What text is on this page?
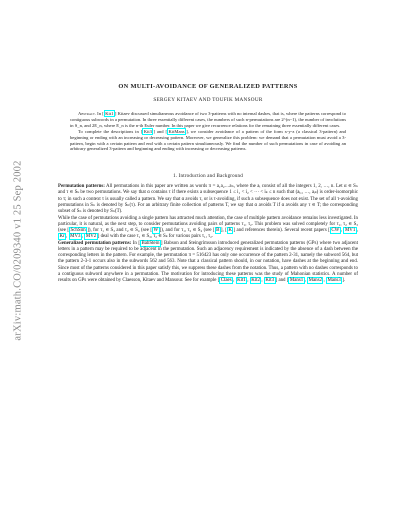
arXiv:math.CO/0209340 v1 25 Sep 2002
ON MULTI-AVOIDANCE OF GENERALIZED PATTERNS
SERGEY KITAEV AND TOUFIK MANSOUR

Abstract. In [ Kit1 ] Kitaev discussed simultaneous avoidance of two 3-patterns with no internal dashes, that is, where the patterns correspond to contiguous subwords in a permutation. In three essentially different cases, the numbers of such n-permutations are 2^(n−1), the number of involutions in S_n, and 2E_n, where E_n is the n-th Euler number. In this paper we give recurrence relations for the remaining three essentially different cases.

To complete the descriptions in [ Kit3 ] and [ KitMans ], we consider avoidance of a pattern of the form x-y-z (a classical 3-pattern) and beginning or ending with an increasing or decreasing pattern. Moreover, we generalize this problem: we demand that a permutation must avoid a 3-pattern, begin with a certain pattern and end with a certain pattern simultaneously. We find the number of such permutations in case of avoiding an arbitrary generalized 3-pattern and beginning and ending with increasing or decreasing patterns.

1. Introduction and Background

Permutation patterns: All permutations in this paper are written as words π = a₁a₂…aₙ, where the aᵢ consist of all the integers 1, 2, …, n. Let α ∈ Sₙ and τ ∈ Sₖ be two permutations. We say that α contains τ if there exists a subsequence 1 ≤ i₁ < i₂ < ⋯ < iₖ ≤ n such that (aᵢ₁, …, aᵢₖ) is order-isomorphic to τ; in such a context τ is usually called a pattern. We say that α avoids τ, or is τ-avoiding, if such a subsequence does not exist. The set of all τ-avoiding permutations in Sₙ is denoted by Sₙ(τ). For an arbitrary finite collection of patterns T, we say that α avoids T if α avoids any τ ∈ T; the corresponding subset of Sₙ is denoted by Sₙ(T).

While the case of permutations avoiding a single pattern has attracted much attention, the case of multiple pattern avoidance remains less investigated. In particular, it is natural, as the next step, to consider permutations avoiding pairs of patterns τ₁, τ₂. This problem was solved completely for τ₁, τ₂ ∈ S₃ (see [ SchSim ]), for τ₁ ∈ S₃ and τ₂ ∈ S₄ (see [ W ]), and for τ₁, τ₂ ∈ S₄ (see [ B ], [ K ] and references therein). Several recent papers [ CW , MV1 , Kr , MV3 , MV2 ] deal with the case τ₁ ∈ S₃, τ₂ ∈ Sₖ for various pairs τ₁, τ₂.

Generalized permutation patterns: In [ BabStein ] Babson and Steingrímsson introduced generalized permutation patterns (GPs) where two adjacent letters in a pattern may be required to be adjacent in the permutation. Such an adjacency requirement is indicated by the absence of a dash between the corresponding letters in the pattern. For example, the permutation π = 516423 has only one occurrence of the pattern 2-31, namely the subword 564, but the pattern 2-3-1 occurs also in the subwords 562 and 563. Note that a classical pattern should, in our notation, have dashes at the beginning and end. Since most of the patterns considered in this paper satisfy this, we suppress these dashes from the notation. Thus, a pattern with no dashes corresponds to a contiguous subword anywhere in a permutation. The motivation for introducing these patterns was the study of Mahonian statistics. A number of results on GPs were obtained by Claesson, Kitaev and Mansour. See for example [ Claes , Kit1 , Kit2 , Kit3 ] and [ Mans1 , Mans2 , Mans3 ].
